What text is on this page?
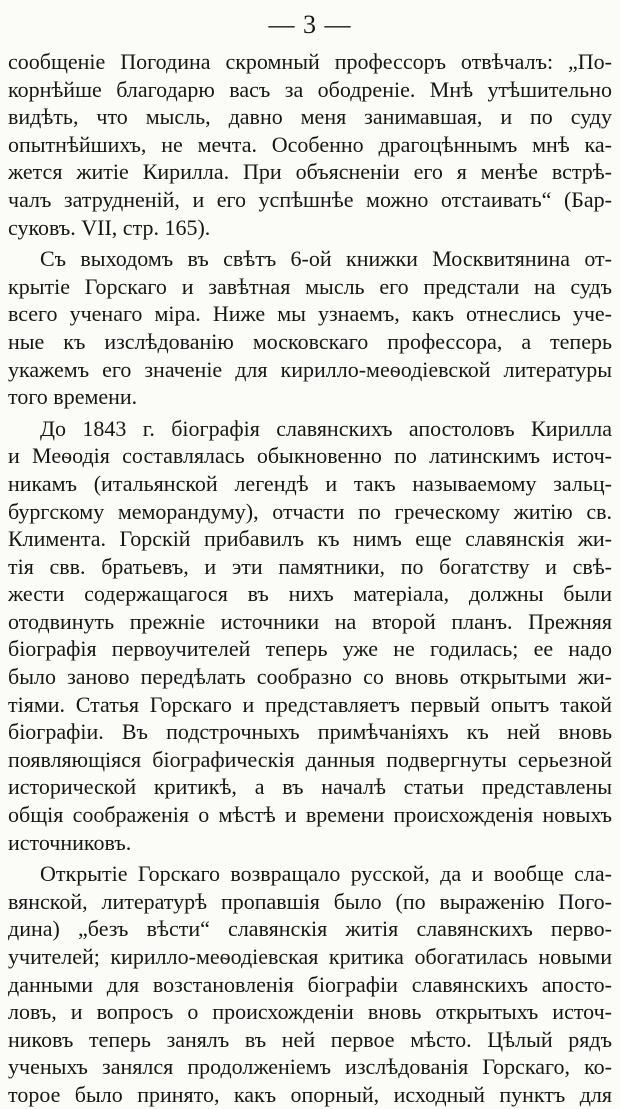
— 3 —
сообщенiе Погодина скромный профессоръ отвѣчалъ: „По-
корнѣйше благодарю васъ за ободренiе. Мнѣ утѣшительно
видѣть, что мысль, давно меня занимавшая, и по суду
опытнѣйшихъ, не мечта. Особенно драгоцѣннымъ мнѣ ка-
жется житiе Кирилла. При объясненiи его я менѣе встрѣ-
чалъ затрудненiй, и его успѣшнѣе можно отстаивать“ (Бар-
суковъ. VII, стр. 165).
Съ выходомъ въ свѣтъ 6-ой книжки Москвитянина от-
крытiе Горскаго и завѣтная мысль его предстали на судъ
всего ученаго мiра. Ниже мы узнаемъ, какъ отнеслись уче-
ные къ изслѣдованiю московскаго профессора, а теперь
укажемъ его значенiе для кирилло-меѳодiевской литературы
того времени.
До 1843 г. бiографiя славянскихъ апостоловъ Кирилла
и Меѳодiя составлялась обыкновенно по латинскимъ источ-
никамъ (итальянской легендѣ и такъ называемому зальц-
бургскому меморандуму), отчасти по греческому житiю св.
Климента. Горскiй прибавилъ къ нимъ еще славянскiя жи-
тiя свв. братьевъ, и эти памятники, по богатству и свѣ-
жести содержащагося въ нихъ матерiала, должны были
отодвинуть прежнiе источники на второй планъ. Прежняя
бiографiя первоучителей теперь уже не годилась; ее надо
было заново передѣлать сообразно со вновь открытыми жи-
тiями. Статья Горскаго и представляетъ первый опытъ такой
бiографiи. Въ подстрочныхъ примѣчанiяхъ къ ней вновь
появляющiяся бiографическiя данныя подвергнуты серьезной
исторической критикѣ, а въ началѣ статьи представлены
общiя соображенiя о мѣстѣ и времени происхожденiя новыхъ
источниковъ.
Открытiе Горскаго возвращало русской, да и вообще сла-
вянской, литературѣ пропавшiя было (по выраженiю Пого-
дина) „безъ вѣсти“ славянскiя житiя славянскихъ перво-
учителей; кирилло-меѳодiевская критика обогатилась новыми
данными для возстановленiя бiографiи славянскихъ апосто-
ловъ, и вопросъ о происхожденiи вновь открытыхъ источ-
никовъ теперь занялъ въ ней первое мѣсто. Цѣлый рядъ
ученыхъ занялся продолженiемъ изслѣдованiя Горскаго, ко-
торое было принято, какъ опорный, исходный пунктъ для
